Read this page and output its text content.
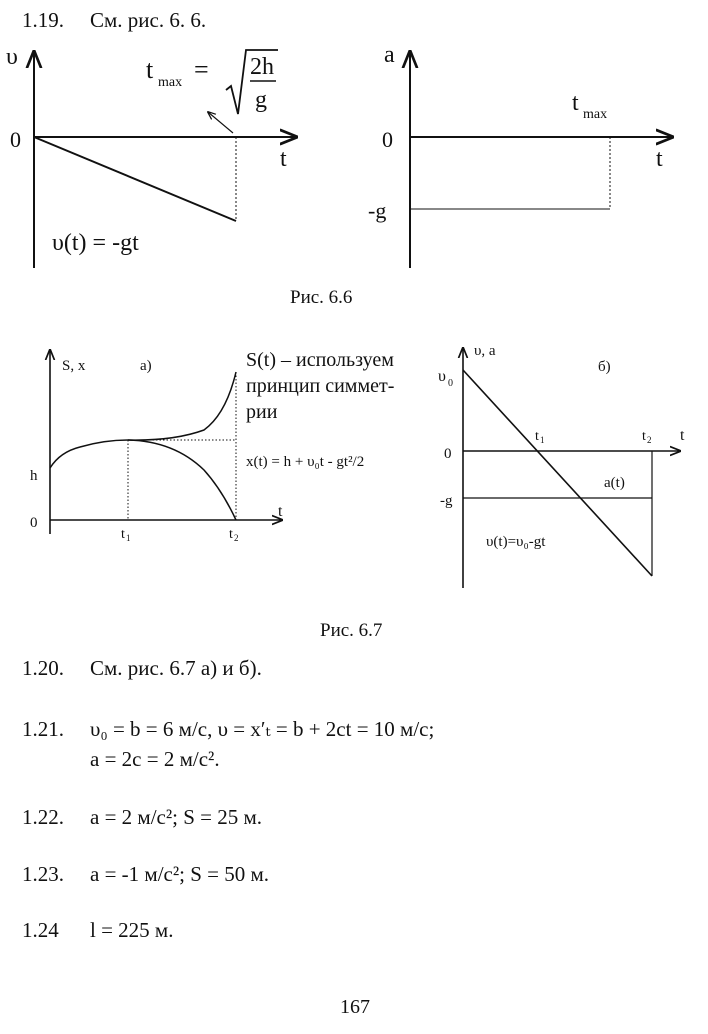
1.19. См. рис. 6. 6.
υ
0
t
υ(t) = -gt
t max = 2h
g
a
0
-g
t
t max
Рис. 6.6
S, x	а)
h
0
t
t 1	t 2
S(t) – используем
принцип симмет-
рии
x(t) = h + υ₀t - gt²/2
υ, a
б)
υ 0
0
-g
t
t 1	t 2
a(t)
υ(t)=υ₀-gt
Рис. 6.7
1.20. См. рис. 6.7 а) и б).
1.21. υ₀ = b = 6 м/с, υ = x′ₜ = b + 2ct = 10 м/с;
a = 2c = 2 м/с².
1.22. a = 2 м/с²; S = 25 м.
1.23. a = -1 м/с²; S = 50 м.
1.24 l = 225 м.
167
